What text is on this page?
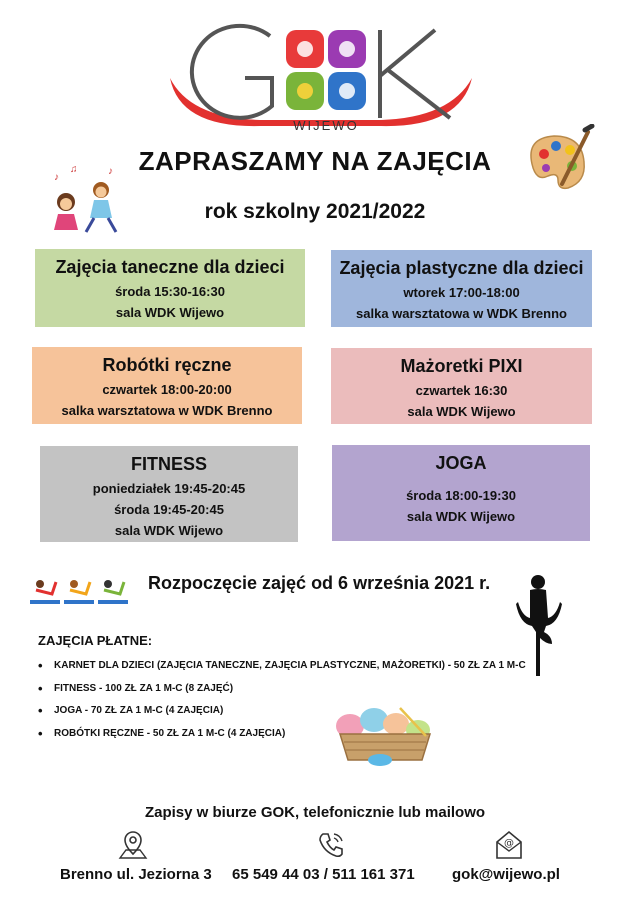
WIJEWO
♪
♫	♪ ZAPRASZAMY NA ZAJĘCIA
rok szkolny 2021/2022
Zajęcia taneczne dla dzieci
środa 15:30-16:30
sala WDK Wijewo
Zajęcia plastyczne dla dzieci
wtorek 17:00-18:00
salka warsztatowa w WDK Brenno
Robótki ręczne
czwartek 18:00-20:00
salka warsztatowa w WDK Brenno
Mażoretki PIXI
czwartek 16:30
sala WDK Wijewo
FITNESS
poniedziałek 19:45-20:45
środa 19:45-20:45
sala WDK Wijewo
JOGA
środa 18:00-19:30
sala WDK Wijewo
Rozpoczęcie zajęć od 6 września 2021 r.
ZAJĘCIA PŁATNE:
• KARNET DLA DZIECI (ZAJĘCIA TANECZNE, ZAJĘCIA PLASTYCZNE, MAŻORETKI) - 50 ZŁ ZA 1 M-C
• FITNESS - 100 ZŁ ZA 1 M-C (8 ZAJĘĆ)
• JOGA - 70 ZŁ ZA 1 M-C (4 ZAJĘCIA)
• ROBÓTKI RĘCZNE - 50 ZŁ ZA 1 M-C (4 ZAJĘCIA)
Zapisy w biurze GOK, telefonicznie lub mailowo
@
Brenno ul. Jeziorna 3 65 549 44 03 / 511 161 371 gok@wijewo.pl
